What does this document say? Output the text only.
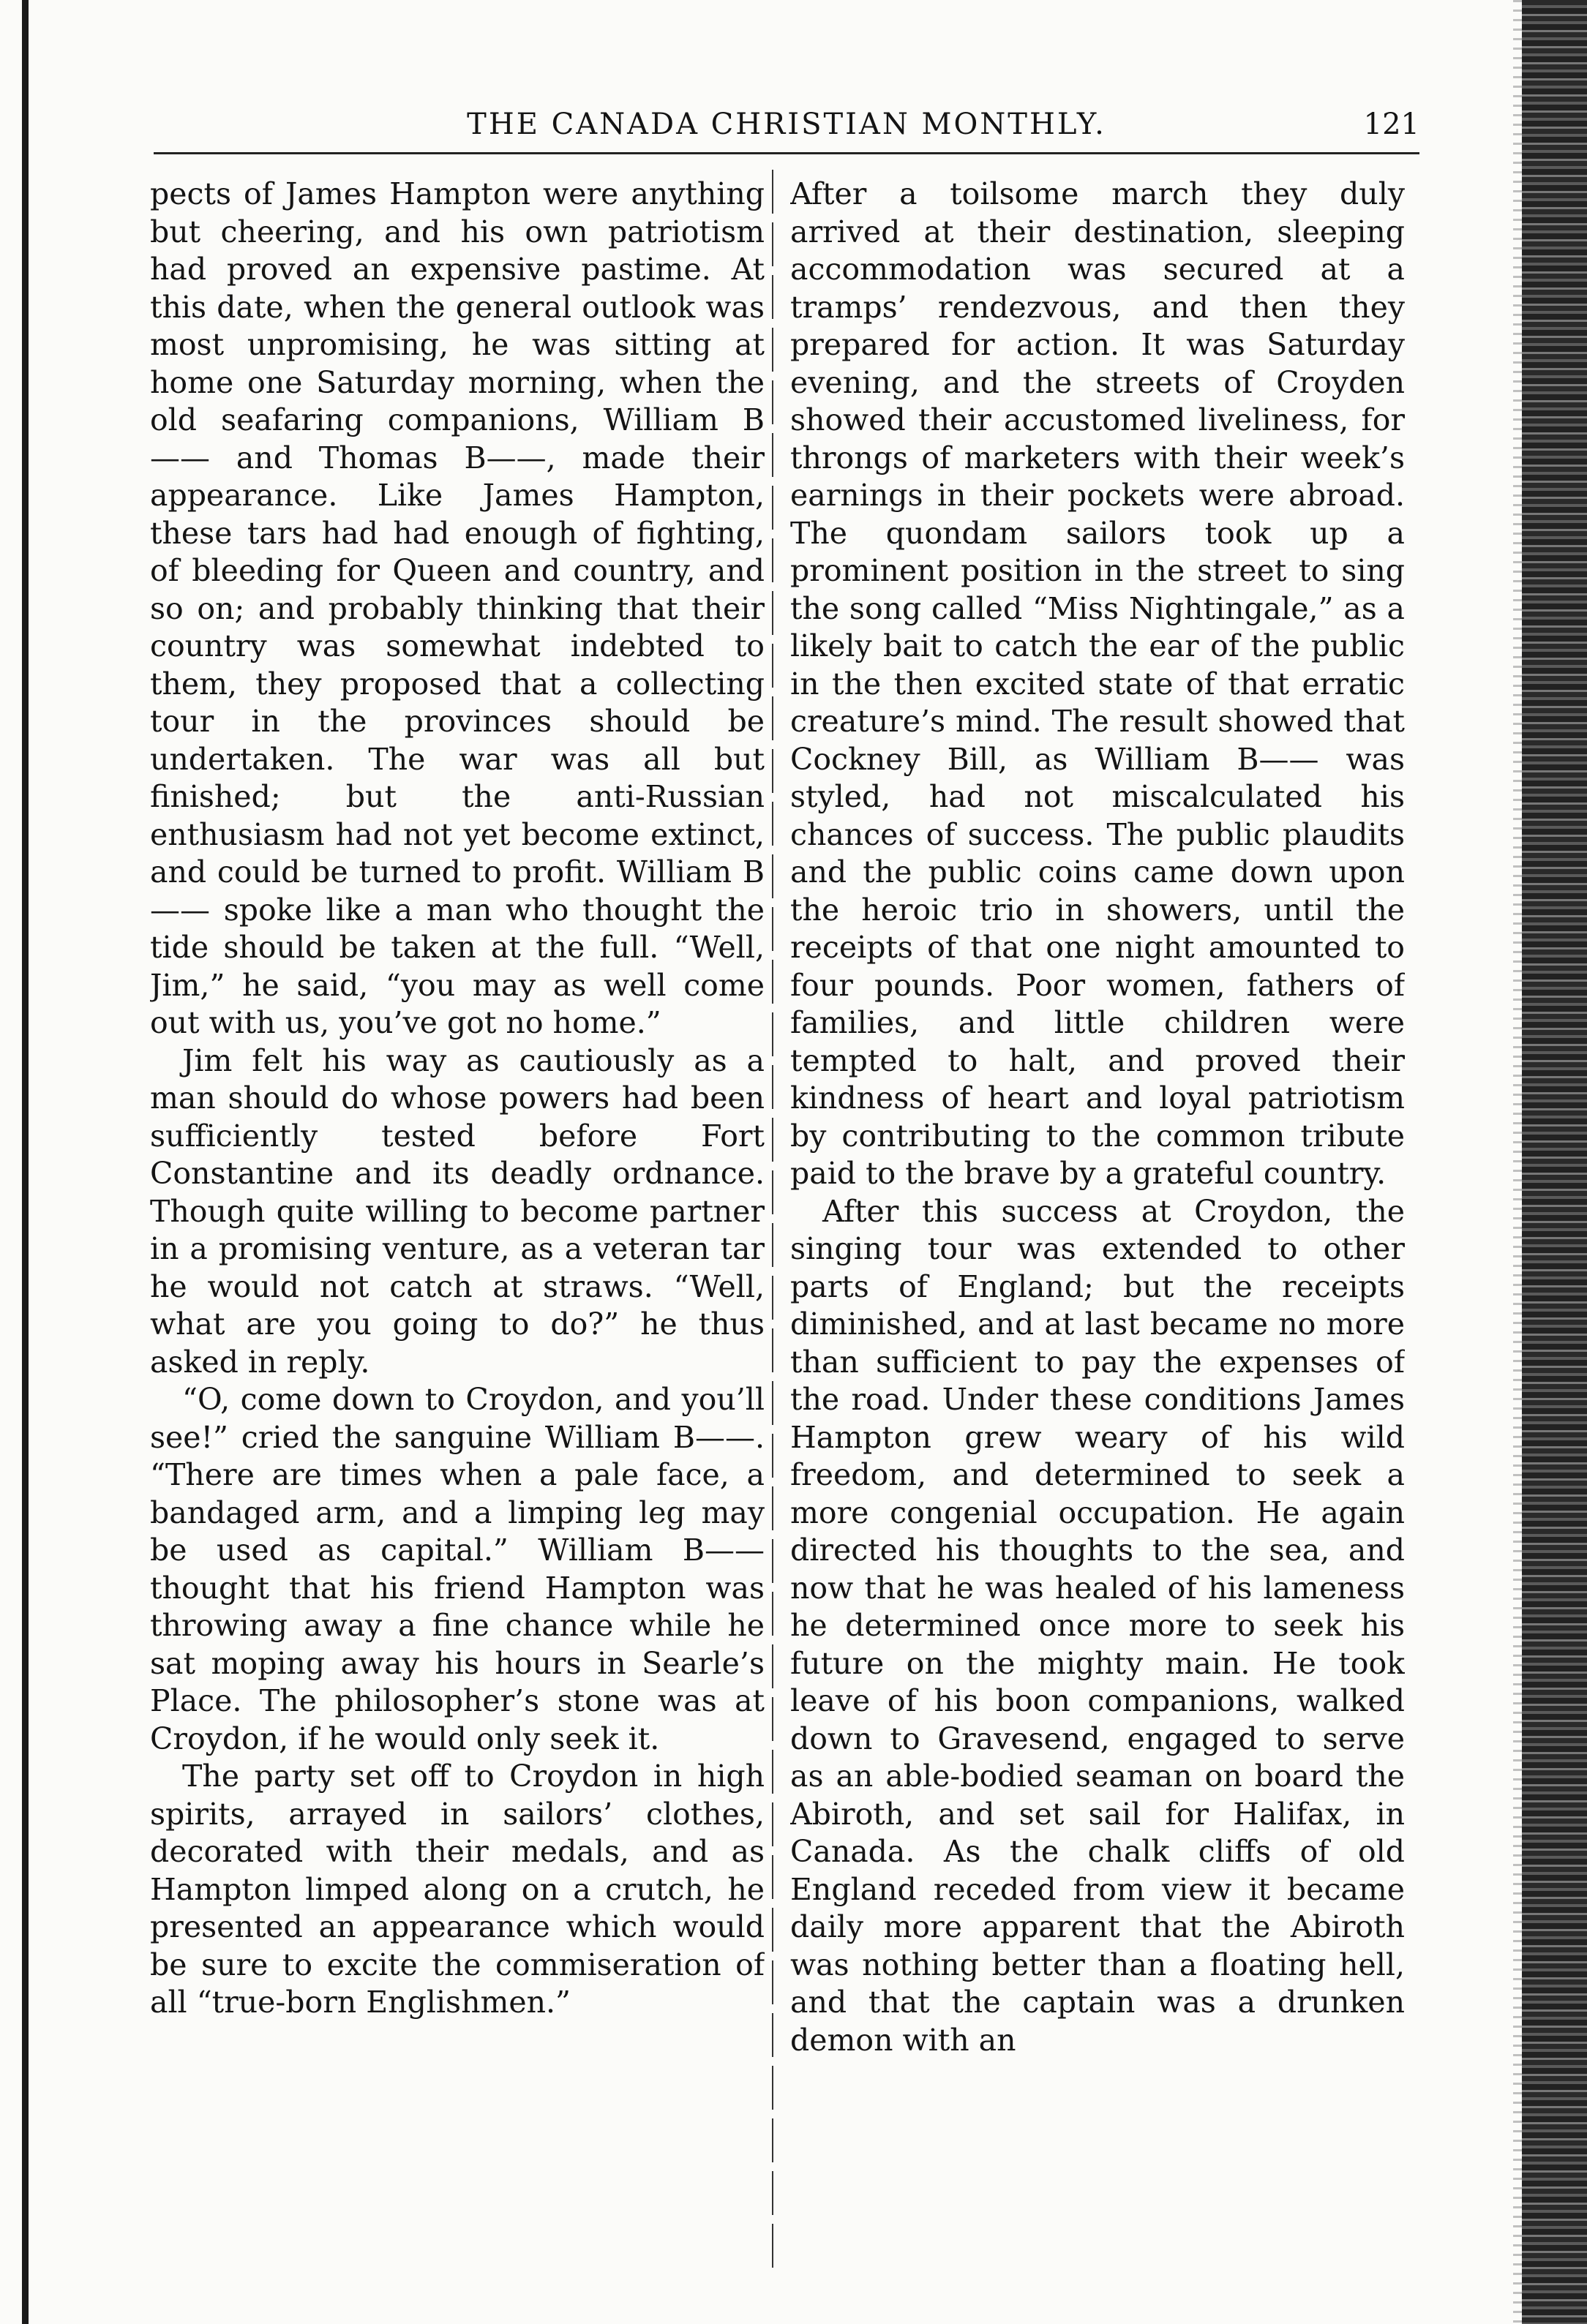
THE CANADA CHRISTIAN MONTHLY.	121

pects of James Hampton were anything but cheering, and his own patriotism had proved an expensive pastime. At this date, when the general outlook was most unpromising, he was sitting at home one Saturday morning, when the old seafaring companions, William B—— and Thomas B——, made their appearance. Like James Hampton, these tars had had enough of fighting, of bleeding for Queen and country, and so on; and probably thinking that their country was somewhat indebted to them, they proposed that a collecting tour in the provinces should be undertaken. The war was all but finished; but the anti-Russian enthusiasm had not yet become extinct, and could be turned to profit. William B—— spoke like a man who thought the tide should be taken at the full. “Well, Jim,” he said, “you may as well come out with us, you’ve got no home.”

Jim felt his way as cautiously as a man should do whose powers had been sufficiently tested before Fort Constantine and its deadly ordnance. Though quite willing to become partner in a promising venture, as a veteran tar he would not catch at straws. “Well, what are you going to do?” he thus asked in reply.

“O, come down to Croydon, and you’ll see!” cried the sanguine William B——. “There are times when a pale face, a bandaged arm, and a limping leg may be used as capital.” William B—— thought that his friend Hampton was throwing away a fine chance while he sat moping away his hours in Searle’s Place. The philosopher’s stone was at Croydon, if he would only seek it.

The party set off to Croydon in high spirits, arrayed in sailors’ clothes, decorated with their medals, and as Hampton limped along on a crutch, he presented an appearance which would be sure to excite the commiseration of all “true-born Englishmen.”

After a toilsome march they duly arrived at their destination, sleeping accommodation was secured at a tramps’ rendezvous, and then they prepared for action. It was Saturday evening, and the streets of Croyden showed their accustomed liveliness, for throngs of marketers with their week’s earnings in their pockets were abroad. The quondam sailors took up a prominent position in the street to sing the song called “Miss Nightingale,” as a likely bait to catch the ear of the public in the then excited state of that erratic creature’s mind. The result showed that Cockney Bill, as William B—— was styled, had not miscalculated his chances of success. The public plaudits and the public coins came down upon the heroic trio in showers, until the receipts of that one night amounted to four pounds. Poor women, fathers of families, and little children were tempted to halt, and proved their kindness of heart and loyal patriotism by contributing to the common tribute paid to the brave by a grateful country.

After this success at Croydon, the singing tour was extended to other parts of England; but the receipts diminished, and at last became no more than sufficient to pay the expenses of the road. Under these conditions James Hampton grew weary of his wild freedom, and determined to seek a more congenial occupation. He again directed his thoughts to the sea, and now that he was healed of his lameness he determined once more to seek his future on the mighty main. He took leave of his boon companions, walked down to Gravesend, engaged to serve as an able-bodied seaman on board the Abiroth, and set sail for Halifax, in Canada. As the chalk cliffs of old England receded from view it became daily more apparent that the Abiroth was nothing better than a floating hell, and that the captain was a drunken demon with an
